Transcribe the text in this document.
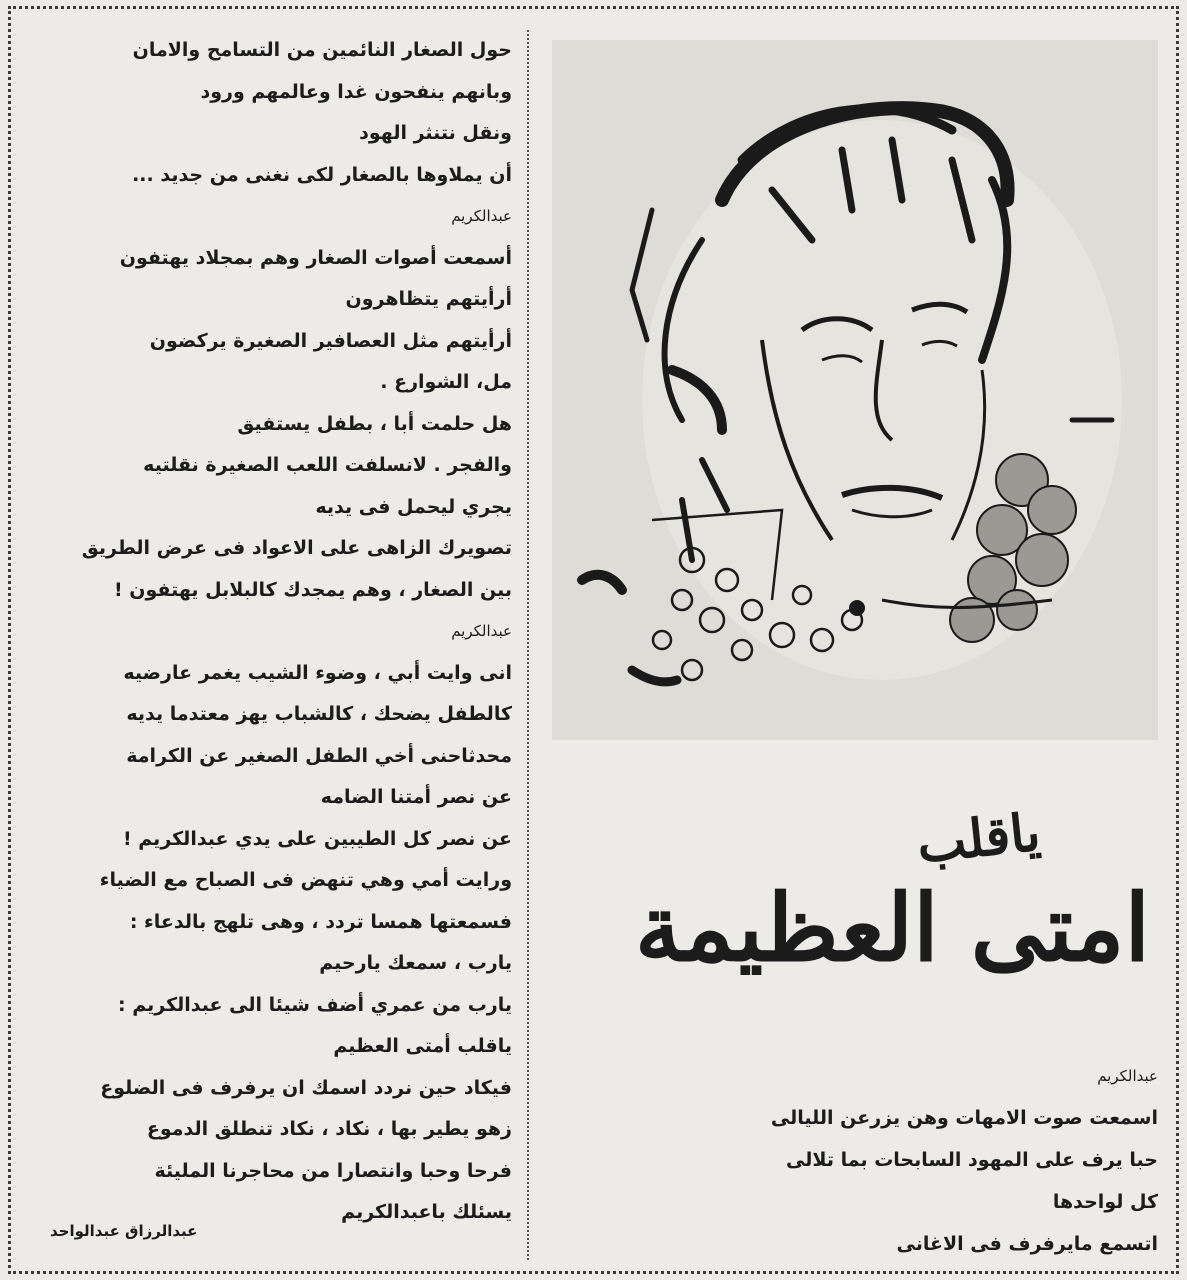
حول الصغار النائمين من التسامح والامان
وبانهم ينفحون غدا وعالمهم ورود
ونقل نتنثر الهود
أن يملاوها بالصغار لكى نغنى من جديد ...
عبدالكريم
أسمعت أصوات الصغار وهم بمجلاد يهتفون
أرأيتهم يتظاهرون
أرأيتهم مثل العصافير الصغيرة يركضون
مل، الشوارع .
هل حلمت أبا ، بطفل يستفيق
والفجر . لانسلفت اللعب الصغيرة نقلتيه
يجري ليحمل فى يديه
تصويرك الزاهى على الاعواد فى عرض الطريق
بين الصغار ، وهم يمجدك كالبلابل يهتفون !
عبدالكريم
انى وايت أبي ، وضوء الشيب يغمر عارضيه
كالطفل يضحك ، كالشباب يهز معتدما يديه
محدثاحنى أخي الطفل الصغير عن الكرامة
عن نصر أمتنا الضامه
عن نصر كل الطيبين على يدي عبدالكريم !
ورايت أمي وهي تنهض فى الصباح مع الضياء
فسمعتها همسا تردد ، وهى تلهج بالدعاء :
يارب ، سمعك يارحيم
يارب من عمري أضف شيئا الى عبدالكريم :
ياقلب أمتى العظيم
فيكاد حين نردد اسمك ان يرفرف فى الضلوع
زهو يطير بها ، نكاد ، نكاد تنطلق الدموع
فرحا وحبا وانتصارا من محاجرنا المليئة
يسئلك باعبدالكريم
عبدالرزاق عبدالواحد
ياقلب
امتى العظيمة
عبدالكريم
اسمعت صوت الامهات وهن يزرعن الليالى
حبا يرف على المهود السابحات بما تلالى
كل لواحدها
اتسمع مايرفرف فى الاغانى
